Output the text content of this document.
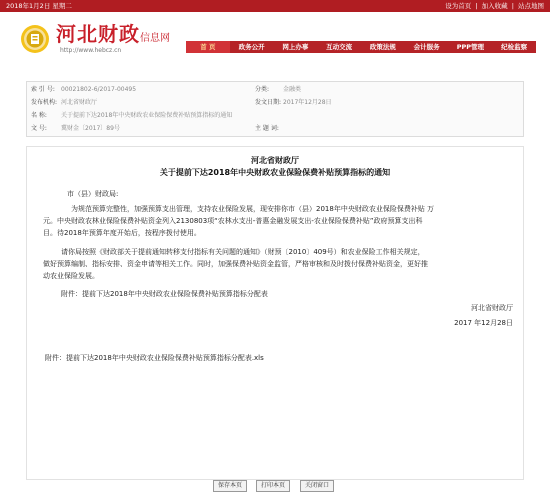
2018年1月2日 星期二	设为首页 | 加入收藏 | 站点地图
河北财政信息网
http://www.hebcz.cn	首 页	政务公开	网上办事	互动交流	政策法规	会计服务	PPP管理	纪检监察
索 引 号: 00021802-6/2017-00495	分类: 金融类
发布机构: 河北省财政厅	发文日期: 2017年12月28日
名 称: 关于提前下达2018年中央财政农业保险保费补贴预算指标的通知
文 号: 冀财金〔2017〕89号	主 题 词:
河北省财政厅
关于提前下达2018年中央财政农业保险保费补贴预算指标的通知
市（县）财政局:
为规范预算完整性，加强预算支出管理，支持农业保险发展，现安排你市（县）2018年中央财政农业保险保费补贴 万
元。中央财政农林业保险保费补贴资金列入2130803项“农林水支出-普惠金融发展支出-农业保险保费补贴”政府预算支出科
目。待2018年预算年度开始后，按程序拨付使用。
请你局按照《财政部关于提前通知转移支付指标有关问题的通知》（财预〔2010〕409号）和农业保险工作相关规定，
做好预算编制、指标安排、资金申请等相关工作。同时，加强保费补贴资金监管，严格审核和及时拨付保费补贴资金，更好推
动农业保险发展。
附件：提前下达2018年中央财政农业保险保费补贴预算指标分配表
河北省财政厅
2017 年12月28日
附件：提前下达2018年中央财政农业保险保费补贴预算指标分配表.xls
保存本页	打印本页	关闭窗口
